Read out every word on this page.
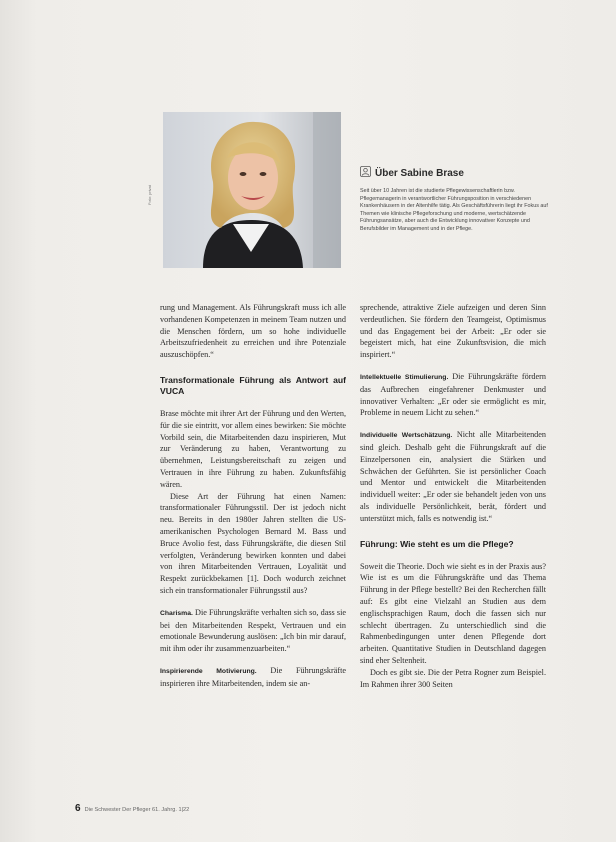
Foto: privat
Über Sabine Brase
Seit über 10 Jahren ist die studierte Pflegewissenschaftlerin bzw. Pflegemanagerin in verantwortlicher Führungsposition in verschiedenen Krankenhäusern in der Altenhilfe tätig. Als Geschäftsführerin liegt ihr Fokus auf Themen wie klinische Pflegeforschung und moderne, wertschätzende Führungsansätze, aber auch die Entwicklung innovativer Konzepte und Berufsbilder im Management und in der Pflege.

rung und Management. Als Führungskraft muss ich alle vorhandenen Kompetenzen in meinem Team nutzen und die Menschen fördern, um so hohe individuelle Arbeitszufriedenheit zu erreichen und ihre Potenziale auszuschöpfen.“

Transformationale Führung als Antwort auf VUCA

Brase möchte mit ihrer Art der Führung und den Werten, für die sie eintritt, vor allem eines bewirken: Sie möchte Vorbild sein, die Mitarbeitenden dazu inspirieren, Mut zur Veränderung zu haben, Verantwortung zu übernehmen, Leistungsbereitschaft zu zeigen und Vertrauen in ihre Führung zu haben. Zukunftsfähig wären.

Diese Art der Führung hat einen Namen: transformationaler Führungsstil. Der ist jedoch nicht neu. Bereits in den 1980er Jahren stellten die US-amerikanischen Psychologen Bernard M. Bass und Bruce Avolio fest, dass Führungskräfte, die diesen Stil verfolgten, Veränderung bewirken konnten und dabei von ihren Mitarbeitenden Vertrauen, Loyalität und Respekt zurückbekamen [1]. Doch wodurch zeichnet sich ein transformationaler Führungsstil aus?

Charisma. Die Führungskräfte verhalten sich so, dass sie bei den Mitarbeitenden Respekt, Vertrauen und ein emotionale Bewunderung auslösen: „Ich bin mir darauf, mit ihm oder ihr zusammenzuarbeiten.“

Inspirierende Motivierung. Die Führungskräfte inspirieren ihre Mitarbeitenden, indem sie an-

sprechende, attraktive Ziele aufzeigen und deren Sinn verdeutlichen. Sie fördern den Teamgeist, Optimismus und das Engagement bei der Arbeit: „Er oder sie begeistert mich, hat eine Zukunftsvision, die mich inspiriert.“

Intellektuelle Stimulierung. Die Führungskräfte fördern das Aufbrechen eingefahrener Denkmuster und innovativer Verhalten: „Er oder sie ermöglicht es mir, Probleme in neuem Licht zu sehen.“

Individuelle Wertschätzung. Nicht alle Mitarbeitenden sind gleich. Deshalb geht die Führungskraft auf die Einzelpersonen ein, analysiert die Stärken und Schwächen der Geführten. Sie ist persönlicher Coach und Mentor und entwickelt die Mitarbeitenden individuell weiter: „Er oder sie behandelt jeden von uns als individuelle Persönlichkeit, berät, fördert und unterstützt mich, falls es notwendig ist.“

Führung: Wie steht es um die Pflege?

Soweit die Theorie. Doch wie sieht es in der Praxis aus? Wie ist es um die Führungskräfte und das Thema Führung in der Pflege bestellt? Bei den Recherchen fällt auf: Es gibt eine Vielzahl an Studien aus dem englischsprachigen Raum, doch die fassen sich nur schlecht übertragen. Zu unterschiedlich sind die Rahmenbedingungen unter denen Pflegende dort arbeiten. Quantitative Studien in Deutschland dagegen sind eher Seltenheit.

Doch es gibt sie. Die der Petra Rogner zum Beispiel. Im Rahmen ihrer 300 Seiten

6 Die Schwester Der Pfleger 61. Jahrg. 1|22
